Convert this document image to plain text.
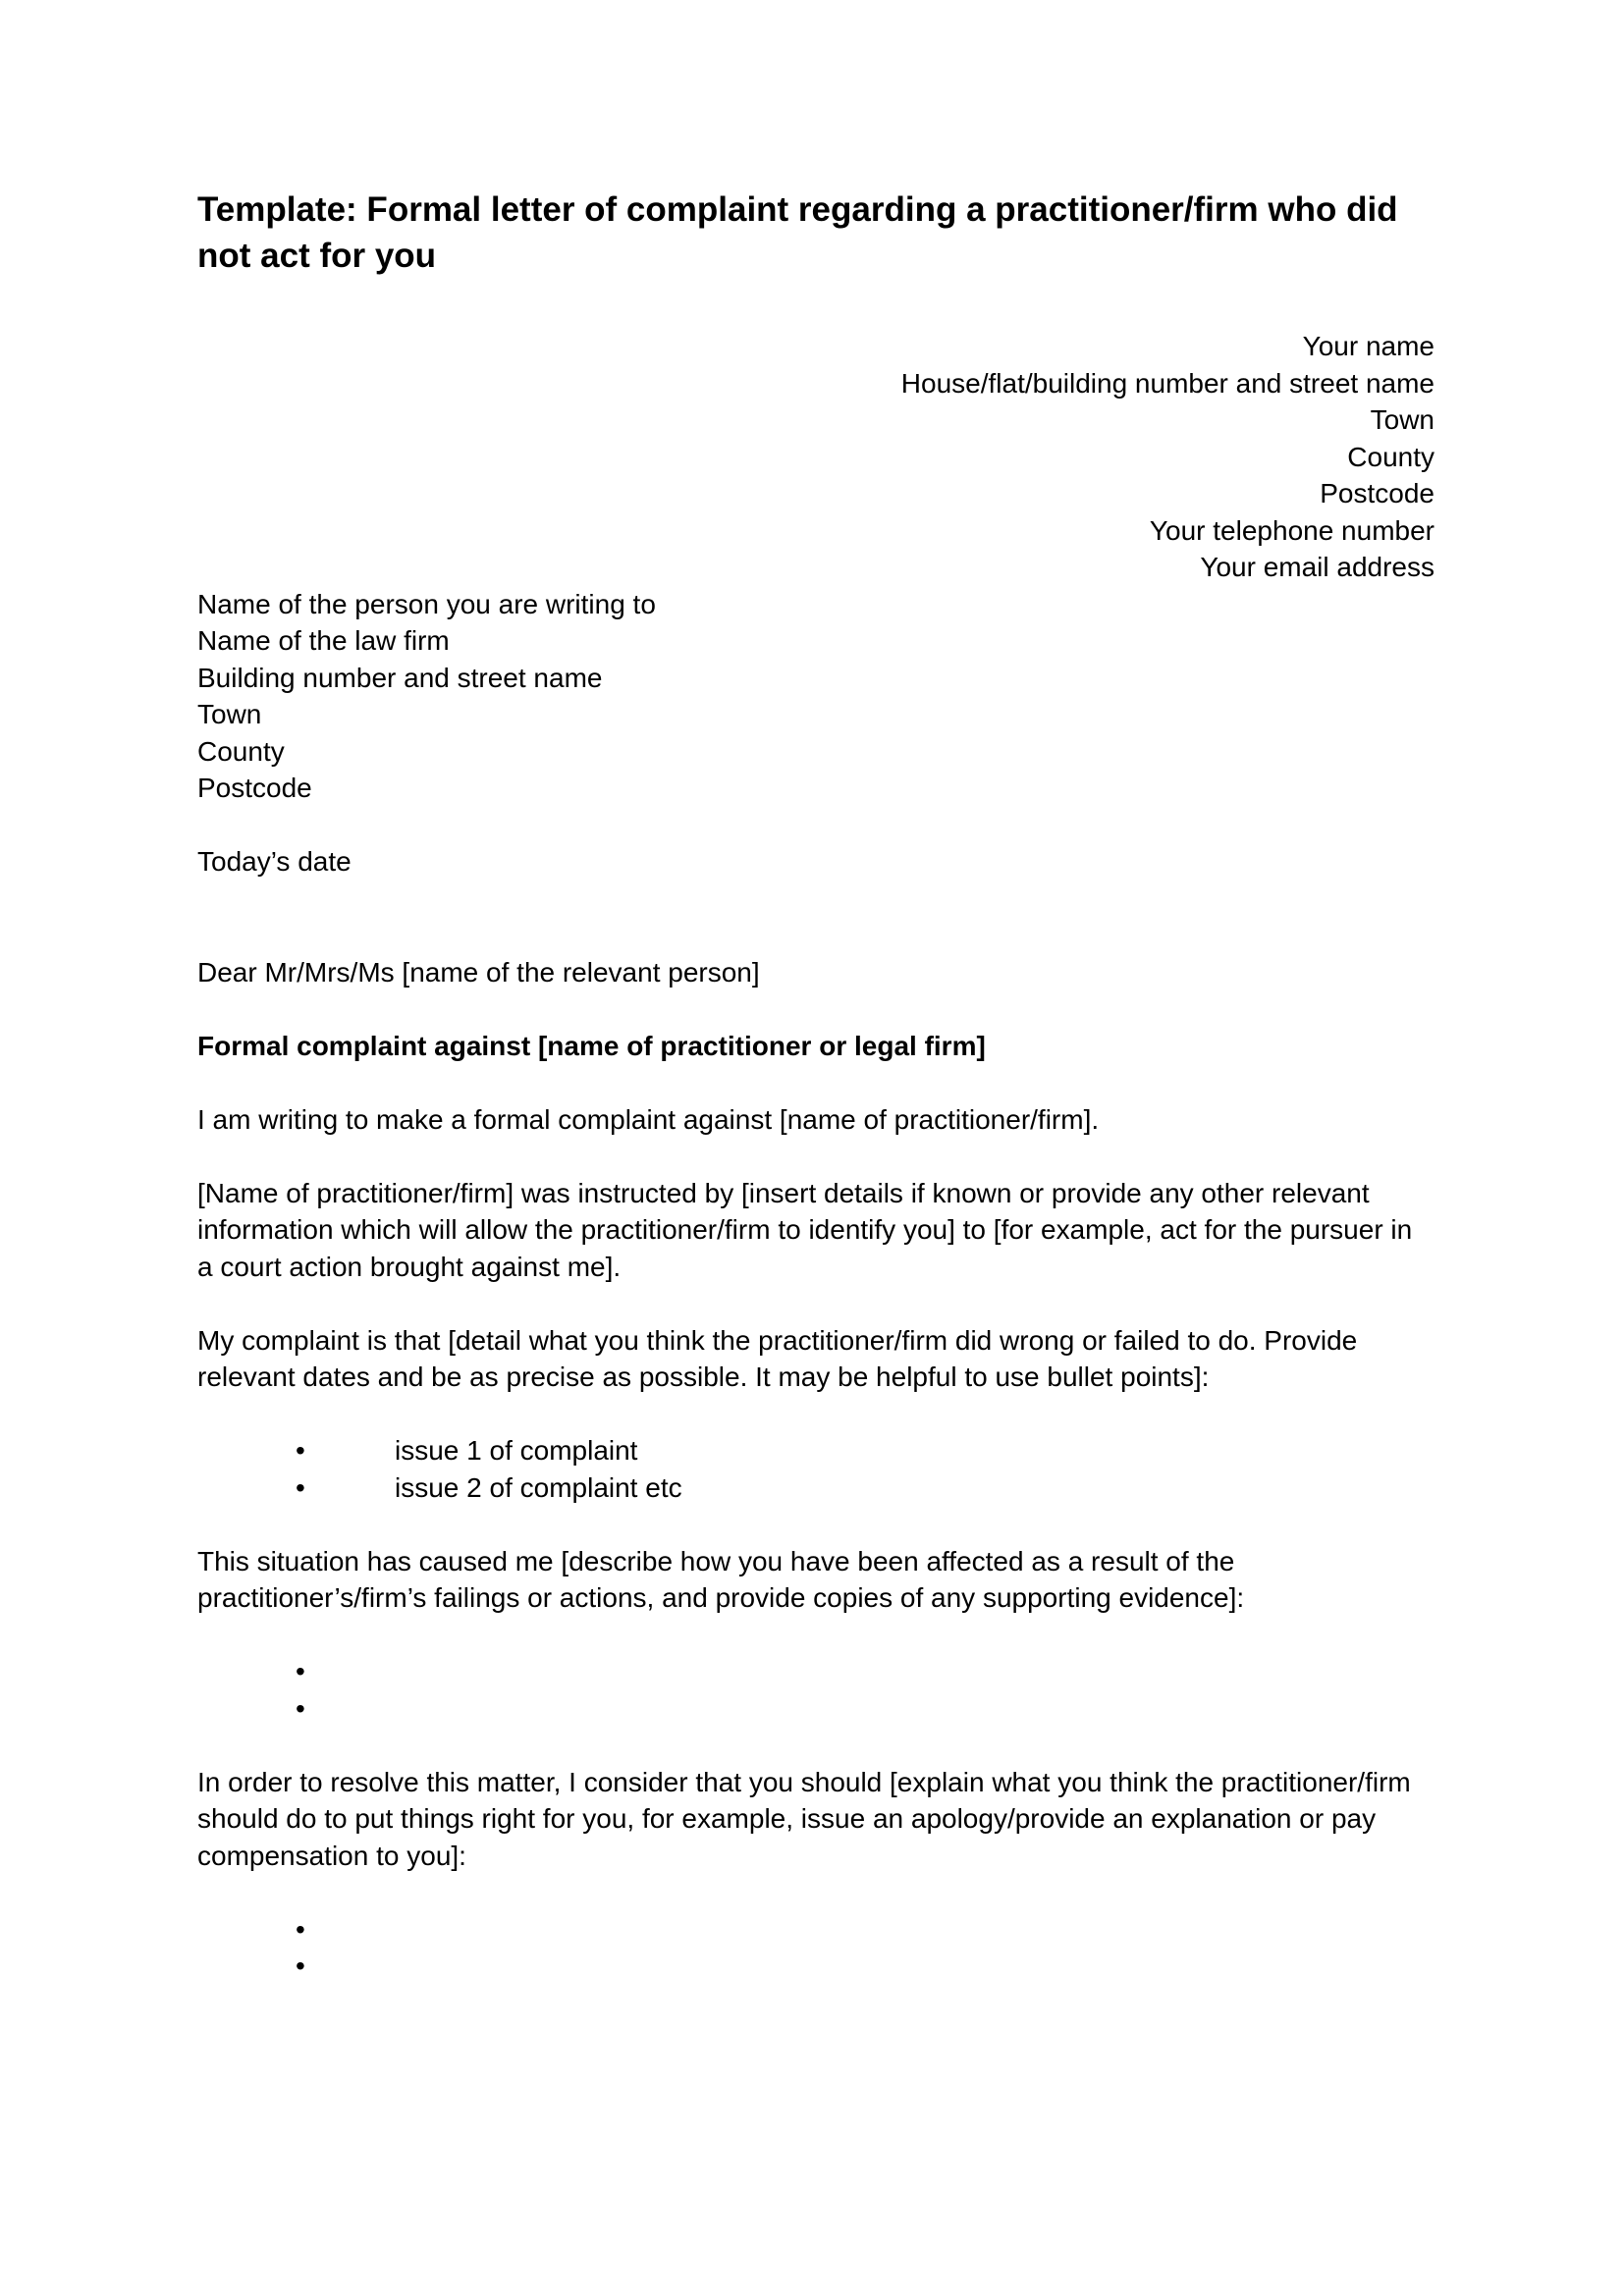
Template: Formal letter of complaint regarding a practitioner/firm who did not act for you
Your name
House/flat/building number and street name
Town
County
Postcode
Your telephone number
Your email address
Name of the person you are writing to
Name of the law firm
Building number and street name
Town
County
Postcode
Today’s date
Dear Mr/Mrs/Ms [name of the relevant person]
Formal complaint against [name of practitioner or legal firm]

I am writing to make a formal complaint against [name of practitioner/firm].

[Name of practitioner/firm] was instructed by [insert details if known or provide any other relevant information which will allow the practitioner/firm to identify you] to [for example, act for the pursuer in a court action brought against me].

My complaint is that [detail what you think the practitioner/firm did wrong or failed to do. Provide relevant dates and be as precise as possible. It may be helpful to use bullet points]:

•	issue 1 of complaint
•	issue 2 of complaint etc

This situation has caused me [describe how you have been affected as a result of the practitioner’s/firm’s failings or actions, and provide copies of any supporting evidence]:

•
•

In order to resolve this matter, I consider that you should [explain what you think the practitioner/firm should do to put things right for you, for example, issue an apology/provide an explanation or pay compensation to you]:

•
•
